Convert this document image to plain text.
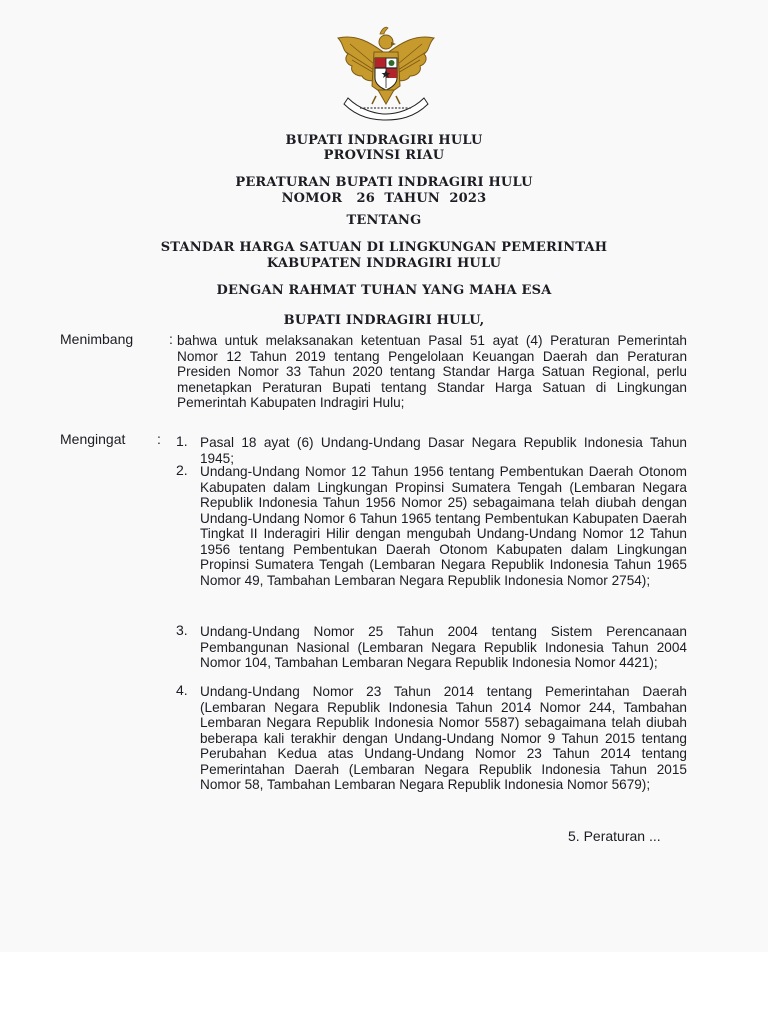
BUPATI INDRAGIRI HULU
PROVINSI RIAU
PERATURAN BUPATI INDRAGIRI HULU
NOMOR   26  TAHUN  2023
TENTANG
STANDAR HARGA SATUAN DI LINGKUNGAN PEMERINTAH
KABUPATEN INDRAGIRI HULU
DENGAN RAHMAT TUHAN YANG MAHA ESA
BUPATI INDRAGIRI HULU,
Menimbang	: bahwa untuk melaksanakan ketentuan Pasal 51 ayat (4) Peraturan Pemerintah Nomor 12 Tahun 2019 tentang Pengelolaan Keuangan Daerah dan Peraturan Presiden Nomor 33 Tahun 2020 tentang Standar Harga Satuan Regional, perlu menetapkan Peraturan Bupati tentang Standar Harga Satuan di Lingkungan Pemerintah Kabupaten Indragiri Hulu;
Mengingat : 1. Pasal 18 ayat (6) Undang-Undang Dasar Negara Republik Indonesia Tahun 1945;
2. Undang-Undang Nomor 12 Tahun 1956 tentang Pembentukan Daerah Otonom Kabupaten dalam Lingkungan Propinsi Sumatera Tengah (Lembaran Negara Republik Indonesia Tahun 1956 Nomor 25) sebagaimana telah diubah dengan Undang-Undang Nomor 6 Tahun 1965 tentang Pembentukan Kabupaten Daerah Tingkat II Inderagiri Hilir dengan mengubah Undang-Undang Nomor 12 Tahun 1956 tentang Pembentukan Daerah Otonom Kabupaten dalam Lingkungan Propinsi Sumatera Tengah (Lembaran Negara Republik Indonesia Tahun 1965 Nomor 49, Tambahan Lembaran Negara Republik Indonesia Nomor 2754);
3. Undang-Undang Nomor 25 Tahun 2004 tentang Sistem Perencanaan Pembangunan Nasional (Lembaran Negara Republik Indonesia Tahun 2004 Nomor 104, Tambahan Lembaran Negara Republik Indonesia Nomor 4421);
4. Undang-Undang Nomor 23 Tahun 2014 tentang Pemerintahan Daerah (Lembaran Negara Republik Indonesia Tahun 2014 Nomor 244, Tambahan Lembaran Negara Republik Indonesia Nomor 5587) sebagaimana telah diubah beberapa kali terakhir dengan Undang-Undang Nomor 9 Tahun 2015 tentang Perubahan Kedua atas Undang-Undang Nomor 23 Tahun 2014 tentang Pemerintahan Daerah (Lembaran Negara Republik Indonesia Tahun 2015 Nomor 58, Tambahan Lembaran Negara Republik Indonesia Nomor 5679);
5. Peraturan ...
